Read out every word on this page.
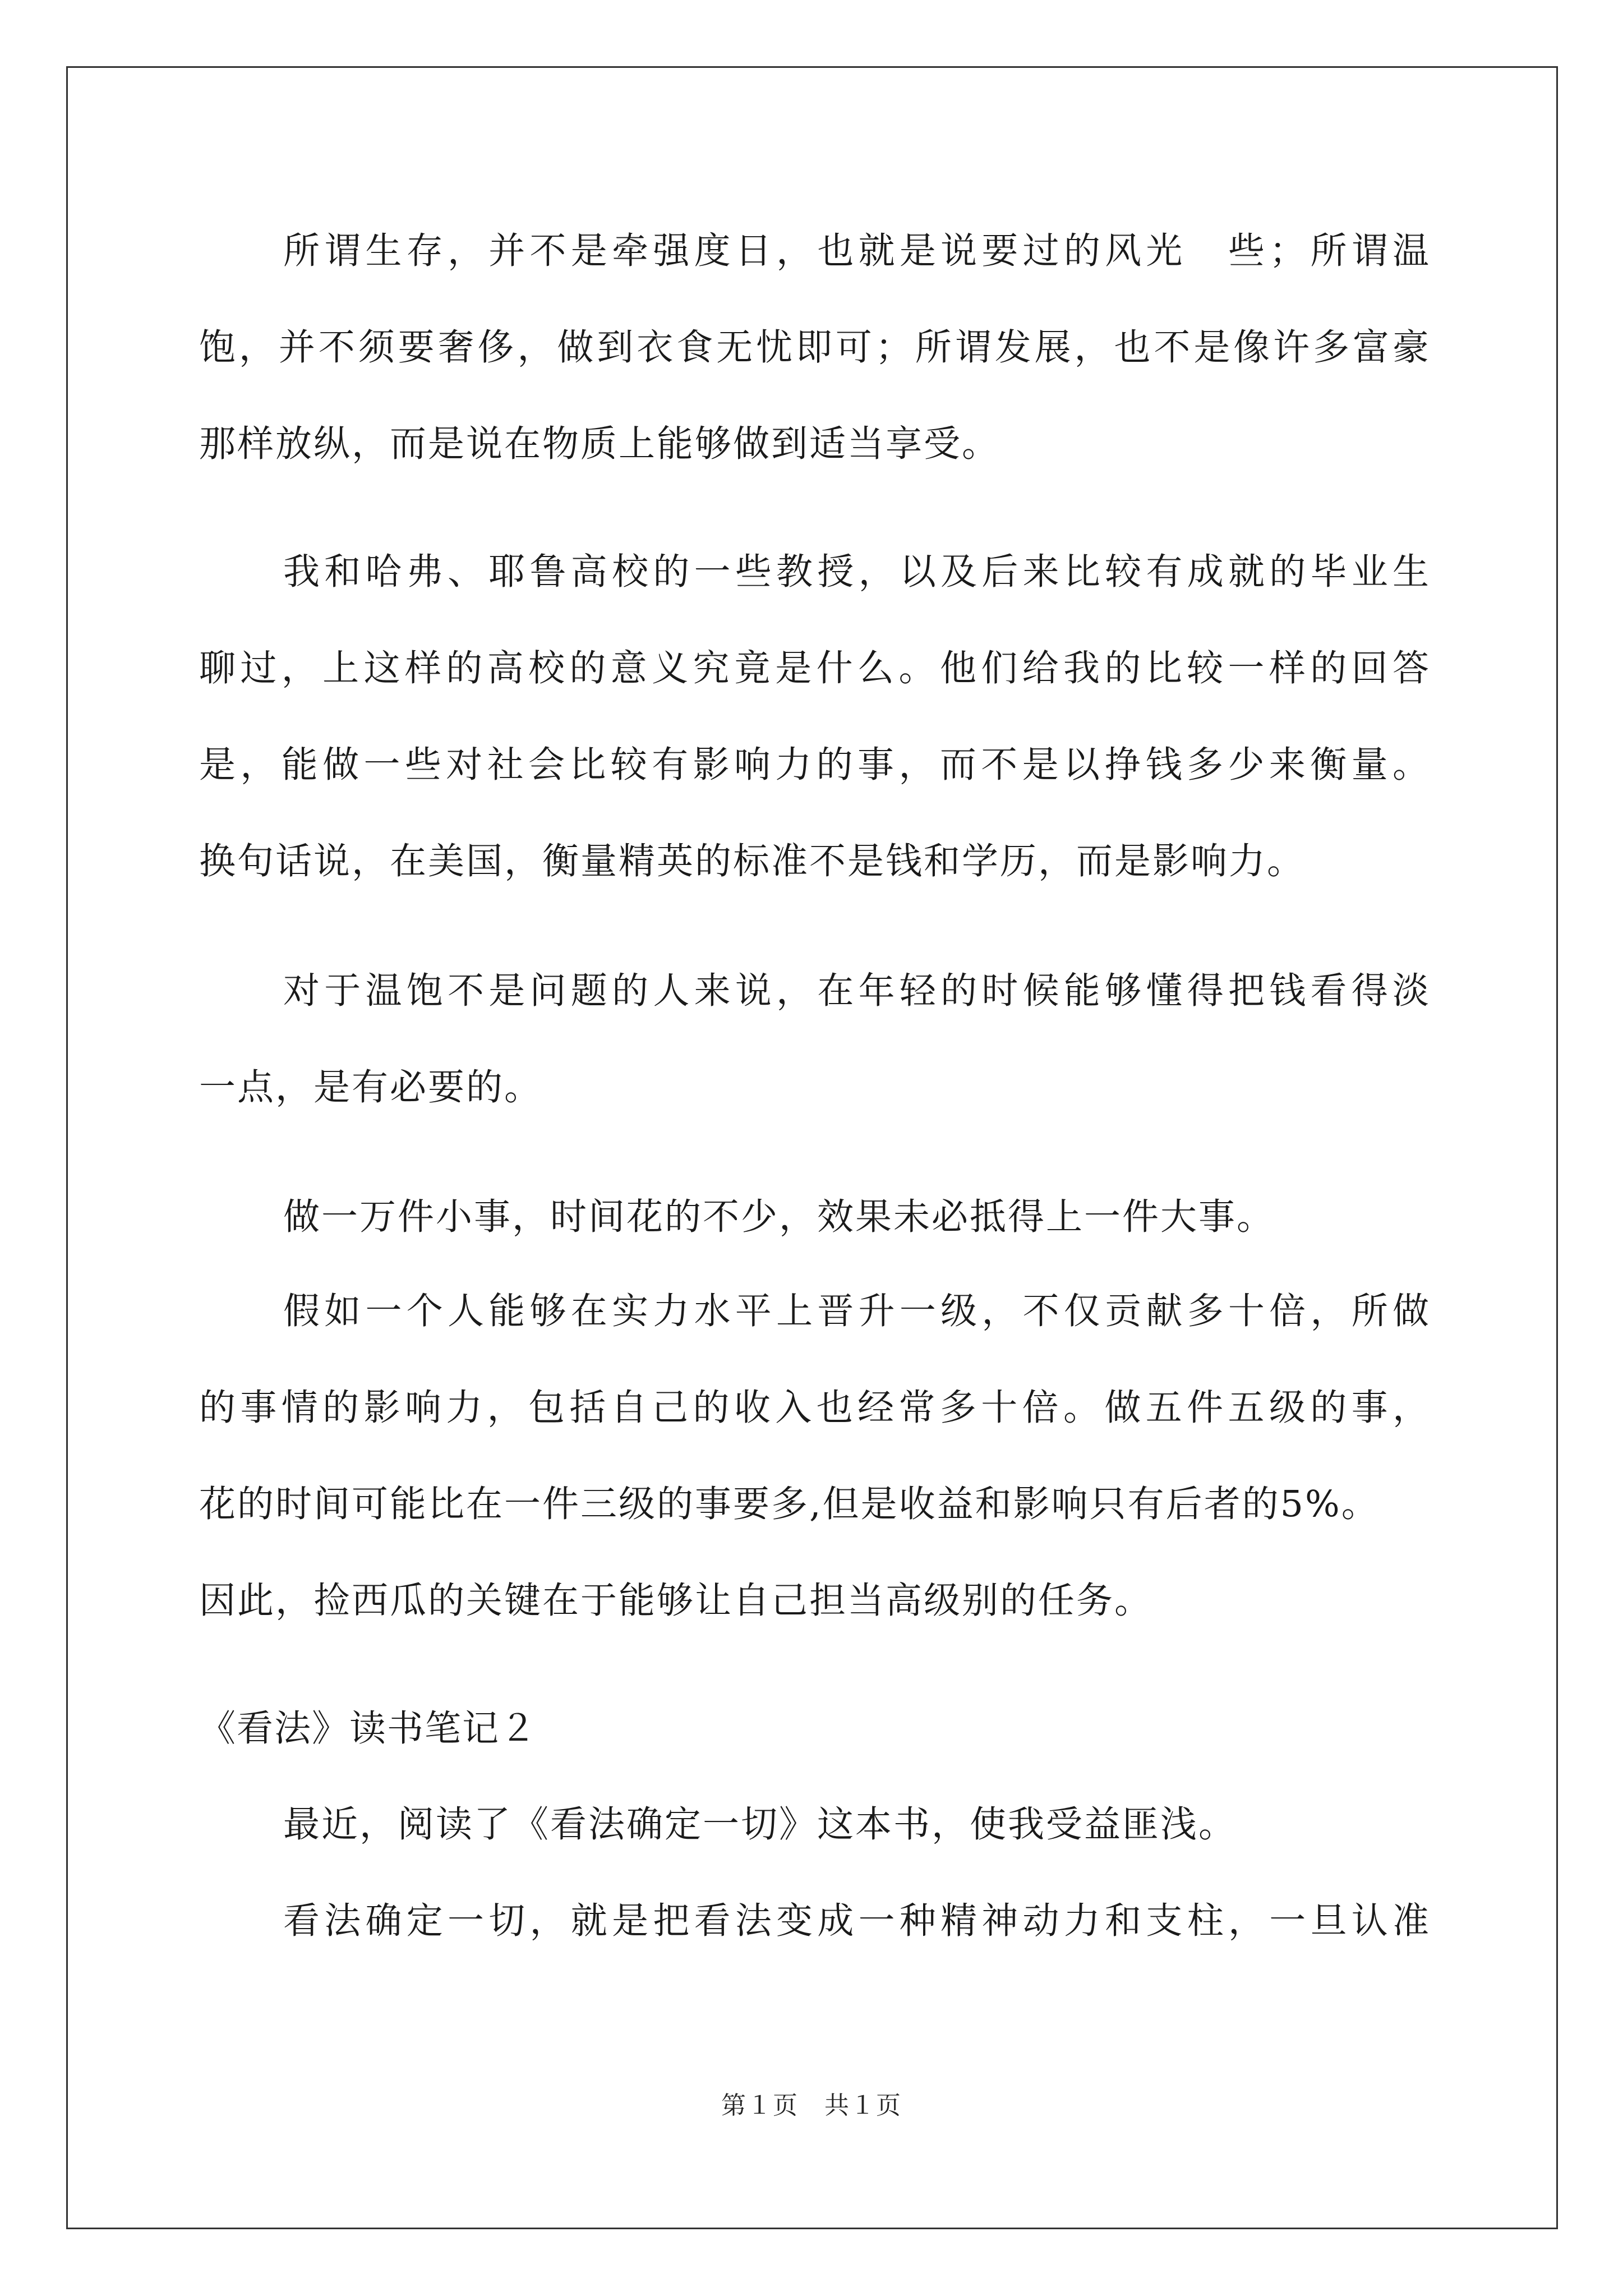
所谓生存，并不是牵强度日，也就是说要过的风光　些；所谓温
饱，并不须要奢侈，做到衣食无忧即可；所谓发展，也不是像许多富豪
那样放纵，而是说在物质上能够做到适当享受。
我和哈弗、耶鲁高校的一些教授，以及后来比较有成就的毕业生
聊过，上这样的高校的意义究竟是什么。他们给我的比较一样的回答
是，能做一些对社会比较有影响力的事，而不是以挣钱多少来衡量。
换句话说，在美国，衡量精英的标准不是钱和学历，而是影响力。
对于温饱不是问题的人来说，在年轻的时候能够懂得把钱看得淡
一点，是有必要的。
做一万件小事，时间花的不少，效果未必抵得上一件大事。
假如一个人能够在实力水平上晋升一级，不仅贡献多十倍，所做
的事情的影响力，包括自己的收入也经常多十倍。做五件五级的事，
花的时间可能比在一件三级的事要多,但是收益和影响只有后者的5%。
因此，捡西瓜的关键在于能够让自己担当高级别的任务。
《看法》读书笔记２
最近，阅读了《看法确定一切》这本书，使我受益匪浅。
看法确定一切，就是把看法变成一种精神动力和支柱，一旦认准
第１页　共１页
